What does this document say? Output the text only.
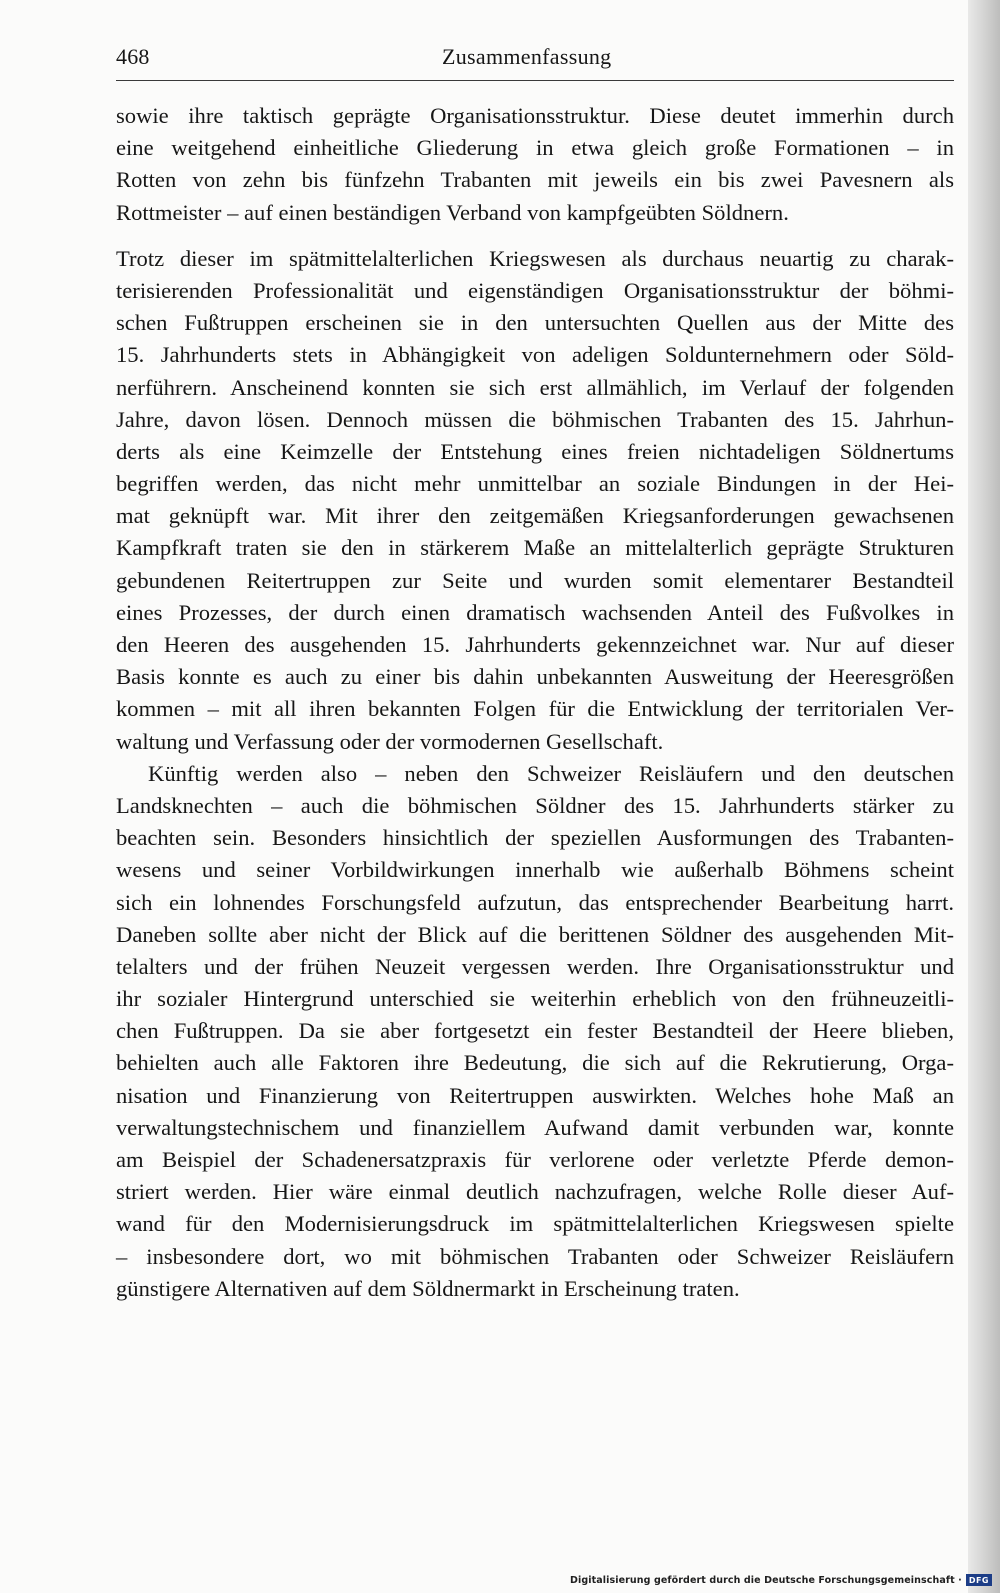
468	Zusammenfassung
sowie ihre taktisch geprägte Organisationsstruktur. Diese deutet immerhin durch
eine weitgehend einheitliche Gliederung in etwa gleich große Formationen – in
Rotten von zehn bis fünfzehn Trabanten mit jeweils ein bis zwei Pavesnern als
Rottmeister – auf einen beständigen Verband von kampfgeübten Söldnern.
Trotz dieser im spätmittelalterlichen Kriegswesen als durchaus neuartig zu charak-
terisierenden Professionalität und eigenständigen Organisationsstruktur der böhmi-
schen Fußtruppen erscheinen sie in den untersuchten Quellen aus der Mitte des
15. Jahrhunderts stets in Abhängigkeit von adeligen Soldunternehmern oder Söld-
nerführern. Anscheinend konnten sie sich erst allmählich, im Verlauf der folgenden
Jahre, davon lösen. Dennoch müssen die böhmischen Trabanten des 15. Jahrhun-
derts als eine Keimzelle der Entstehung eines freien nichtadeligen Söldnertums
begriffen werden, das nicht mehr unmittelbar an soziale Bindungen in der Hei-
mat geknüpft war. Mit ihrer den zeitgemäßen Kriegsanforderungen gewachsenen
Kampfkraft traten sie den in stärkerem Maße an mittelalterlich geprägte Strukturen
gebundenen Reitertruppen zur Seite und wurden somit elementarer Bestandteil
eines Prozesses, der durch einen dramatisch wachsenden Anteil des Fußvolkes in
den Heeren des ausgehenden 15. Jahrhunderts gekennzeichnet war. Nur auf dieser
Basis konnte es auch zu einer bis dahin unbekannten Ausweitung der Heeresgrößen
kommen – mit all ihren bekannten Folgen für die Entwicklung der territorialen Ver-
waltung und Verfassung oder der vormodernen Gesellschaft.
Künftig werden also – neben den Schweizer Reisläufern und den deutschen
Landsknechten – auch die böhmischen Söldner des 15. Jahrhunderts stärker zu
beachten sein. Besonders hinsichtlich der speziellen Ausformungen des Trabanten-
wesens und seiner Vorbildwirkungen innerhalb wie außerhalb Böhmens scheint
sich ein lohnendes Forschungsfeld aufzutun, das entsprechender Bearbeitung harrt.
Daneben sollte aber nicht der Blick auf die berittenen Söldner des ausgehenden Mit-
telalters und der frühen Neuzeit vergessen werden. Ihre Organisationsstruktur und
ihr sozialer Hintergrund unterschied sie weiterhin erheblich von den frühneuzeitli-
chen Fußtruppen. Da sie aber fortgesetzt ein fester Bestandteil der Heere blieben,
behielten auch alle Faktoren ihre Bedeutung, die sich auf die Rekrutierung, Orga-
nisation und Finanzierung von Reitertruppen auswirkten. Welches hohe Maß an
verwaltungstechnischem und finanziellem Aufwand damit verbunden war, konnte
am Beispiel der Schadenersatzpraxis für verlorene oder verletzte Pferde demon-
striert werden. Hier wäre einmal deutlich nachzufragen, welche Rolle dieser Auf-
wand für den Modernisierungsdruck im spätmittelalterlichen Kriegswesen spielte
– insbesondere dort, wo mit böhmischen Trabanten oder Schweizer Reisläufern
günstigere Alternativen auf dem Söldnermarkt in Erscheinung traten.
Digitalisierung gefördert durch die Deutsche Forschungsgemeinschaft · DFG
